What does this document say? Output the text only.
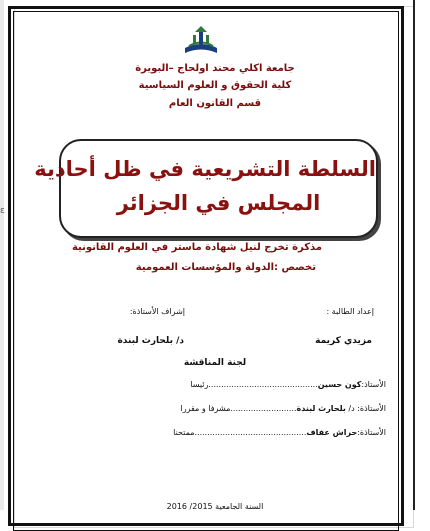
ɛ
جامعة اكلي محند اولحاج –البويرة
كلية الحقوق و العلوم السياسية
قسم القانون العام
السلطة التشريعية في ظل أحادية
المجلس في الجزائر
مذكرة تخرج لنيل شهادة ماستر في العلوم القانونية
تخصص :الدولة والمؤسسات العمومية
إعداد الطالبة :
إشراف الأستاذة:
مزيدي كريمة
د/ بلحارث لبندة
لجنة المناقشة
الأستاذ:كون حسين...........................................رئيسا
الأستاذة: د/ بلحارث لبندة..........................مشرفا و مقررا
الأستاذة:حراش عفاف............................................ممتحنا
السنة الجامعية 2015/ 2016
